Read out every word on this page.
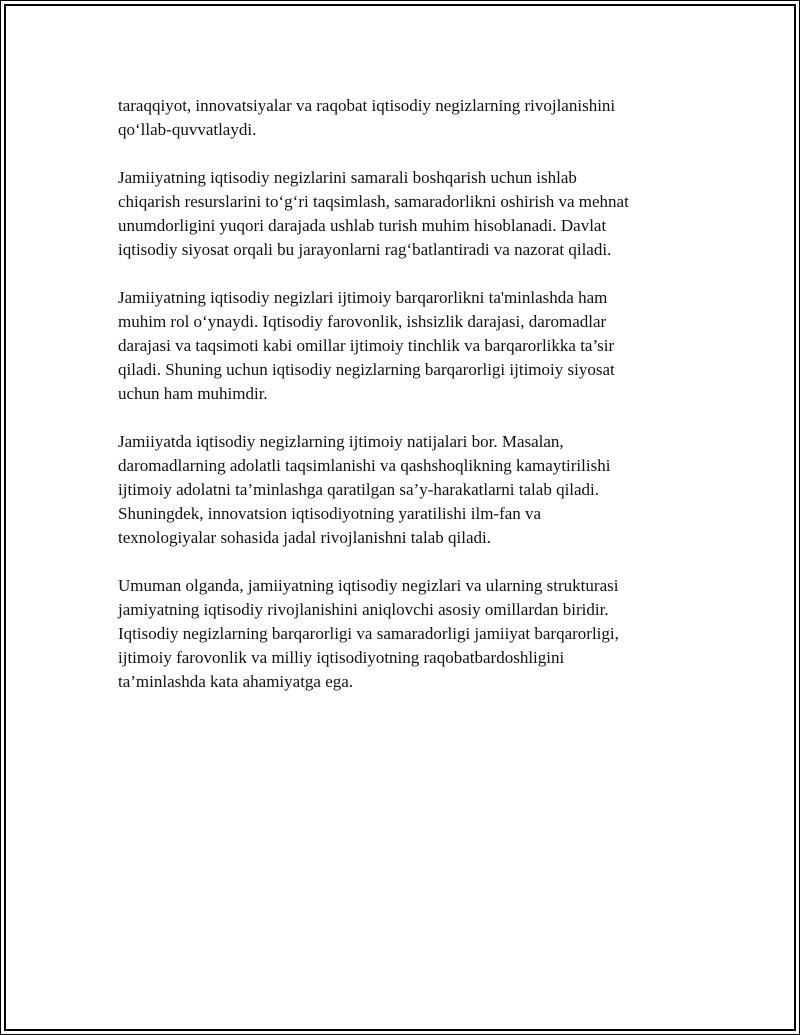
taraqqiyot, innovatsiyalar va raqobat iqtisodiy negizlarning rivojlanishini
qo‘llab-quvvatlaydi.

Jamiiyatning iqtisodiy negizlarini samarali boshqarish uchun ishlab
chiqarish resurslarini to‘g‘ri taqsimlash, samaradorlikni oshirish va mehnat
unumdorligini yuqori darajada ushlab turish muhim hisoblanadi. Davlat
iqtisodiy siyosat orqali bu jarayonlarni rag‘batlantiradi va nazorat qiladi.

Jamiiyatning iqtisodiy negizlari ijtimoiy barqarorlikni ta'minlashda ham
muhim rol o‘ynaydi. Iqtisodiy farovonlik, ishsizlik darajasi, daromadlar
darajasi va taqsimoti kabi omillar ijtimoiy tinchlik va barqarorlikka ta’sir
qiladi. Shuning uchun iqtisodiy negizlarning barqarorligi ijtimoiy siyosat
uchun ham muhimdir.

Jamiiyatda iqtisodiy negizlarning ijtimoiy natijalari bor. Masalan,
daromadlarning adolatli taqsimlanishi va qashshoqlikning kamaytirilishi
ijtimoiy adolatni ta’minlashga qaratilgan sa’y-harakatlarni talab qiladi.
Shuningdek, innovatsion iqtisodiyotning yaratilishi ilm-fan va
texnologiyalar sohasida jadal rivojlanishni talab qiladi.

Umuman olganda, jamiiyatning iqtisodiy negizlari va ularning strukturasi
jamiyatning iqtisodiy rivojlanishini aniqlovchi asosiy omillardan biridir.
Iqtisodiy negizlarning barqarorligi va samaradorligi jamiiyat barqarorligi,
ijtimoiy farovonlik va milliy iqtisodiyotning raqobatbardoshligini
ta’minlashda kata ahamiyatga ega.
